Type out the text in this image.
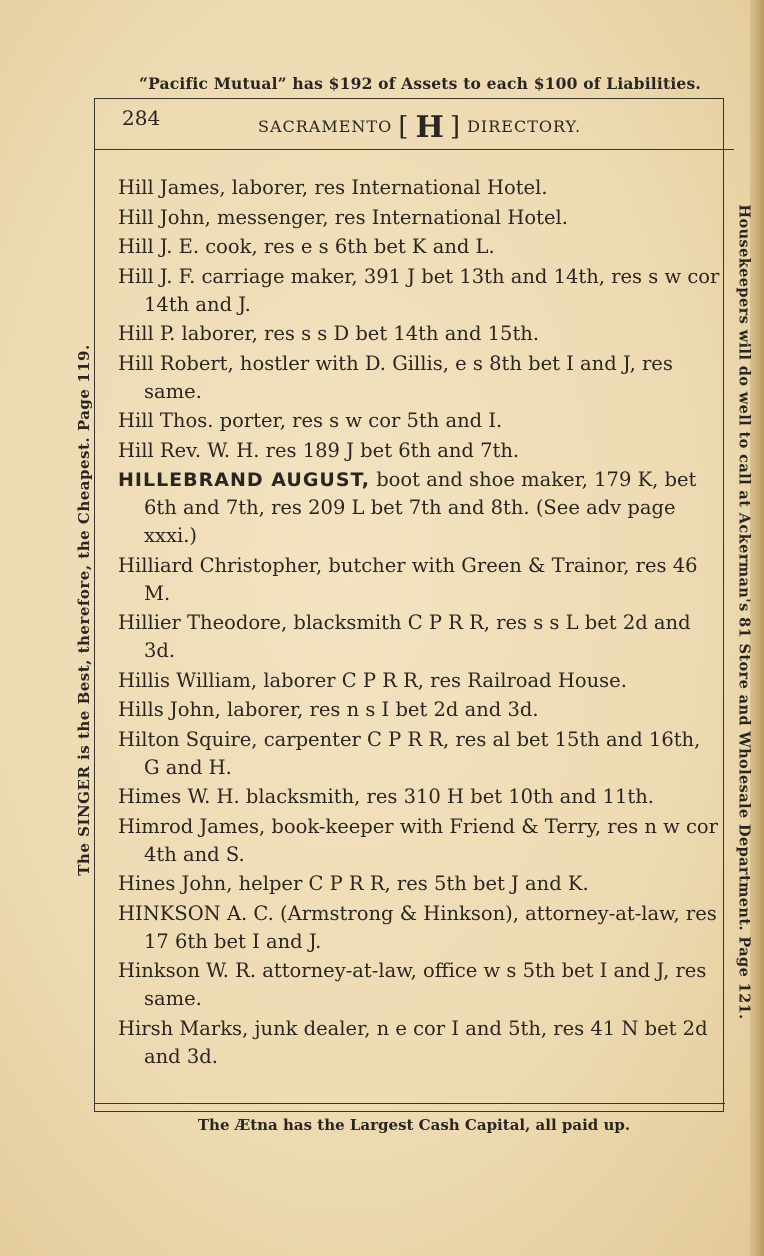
“Pacific Mutual” has $192 of Assets to each $100 of Liabilities.
284	SACRAMENTO [ H ] DIRECTORY.
Hill James, laborer, res International Hotel.
Hill John, messenger, res International Hotel.
Hill J. E. cook, res e s 6th bet K and L.
Hill J. F. carriage maker, 391 J bet 13th and 14th, res s w cor 14th and J.
Hill P. laborer, res s s D bet 14th and 15th.
Hill Robert, hostler with D. Gillis, e s 8th bet I and J, res same.
Hill Thos. porter, res s w cor 5th and I.
Hill Rev. W. H. res 189 J bet 6th and 7th.
HILLEBRAND AUGUST, boot and shoe maker, 179 K, bet 6th and 7th, res 209 L bet 7th and 8th. (See adv page xxxi.)
Hilliard Christopher, butcher with Green & Trainor, res 46 M.
Hillier Theodore, blacksmith C P R R, res s s L bet 2d and 3d.
Hillis William, laborer C P R R, res Railroad House.
Hills John, laborer, res n s I bet 2d and 3d.
Hilton Squire, carpenter C P R R, res al bet 15th and 16th, G and H.
Himes W. H. blacksmith, res 310 H bet 10th and 11th.
Himrod James, book-keeper with Friend & Terry, res n w cor 4th and S.
Hines John, helper C P R R, res 5th bet J and K.
HINKSON A. C. (Armstrong & Hinkson), attorney-at-law, res 17 6th bet I and J.
Hinkson W. R. attorney-at-law, office w s 5th bet I and J, res same.
Hirsh Marks, junk dealer, n e cor I and 5th, res 41 N bet 2d and 3d.
The Ætna has the Largest Cash Capital, all paid up.
The SINGER is the Best, therefore, the Cheapest. Page 119.	Housekeepers will do well to call at Ackerman's 81 Store and Wholesale Department. Page 121.
